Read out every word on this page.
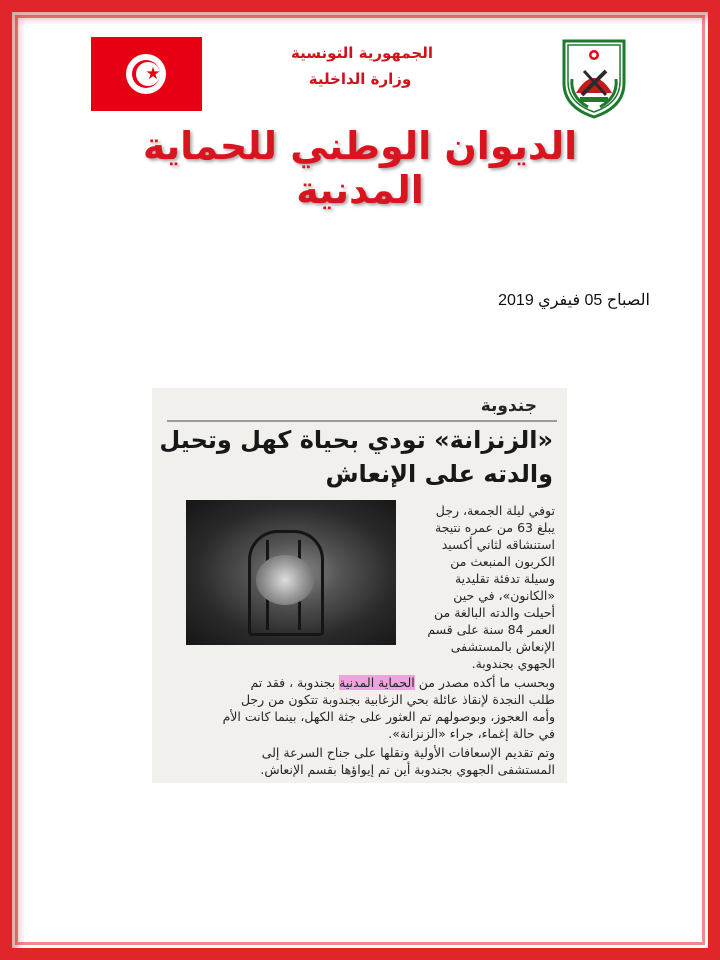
★
الجمهورية التونسية
وزارة الداخلية
الديوان الوطني للحماية المدنية
الصباح 05 فيفري 2019
جندوبة
«الزنزانة» تودي بحياة كهل وتحيل
والدته على الإنعاش
توفي ليلة الجمعة، رجل
يبلغ 63 من عمره نتيجة
استنشاقه لثاني أكسيد
الكربون المنبعث من
وسيلة تدفئة تقليدية
«الكانون»، في حين
أحيلت والدته البالغة من
العمر 84 سنة على قسم
الإنعاش بالمستشفى
الجهوي بجندوبة.
وبحسب ما أكده مصدر من الحماية المدنية بجندوبة ، فقد تم
طلب النجدة لإنقاذ عائلة بحي الزغابية بجندوبة تتكون من رجل
وأمه العجوز، وبوصولهم تم العثور على جثة الكهل، بينما كانت الأم
في حالة إغماء، جراء «الزنزانة».
وتم تقديم الإسعافات الأولية ونقلها على جناح السرعة إلى
المستشفى الجهوي بجندوبة أين تم إيواؤها بقسم الإنعاش.
